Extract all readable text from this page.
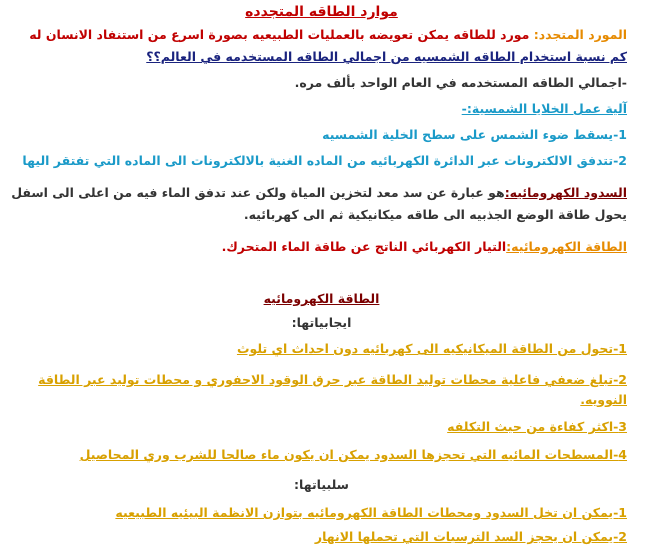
موارد الطاقه المتجدده
المورد المتجدد: مورد للطاقه يمكن تعويضه بالعمليات الطبيعيه بصورة اسرع من استنفاد الانسان له
كم نسبة استخدام الطاقه الشمسيه من اجمالي الطاقه المستخدمه في العالم؟؟
-اجمالي الطاقه المستخدمه في العام الواحد بألف مره.
آلية عمل الخلايا الشمسية:-
1-يسقط ضوء الشمس على سطح الخلية الشمسيه
2-تتدفق الالكترونات عبر الدائرة الكهربائيه من الماده الغنية بالالكترونات الى الماده التي تفتقر اليها
السدود الكهرومائيه:هو عبارة عن سد معد لتخزين المياة ولكن عند تدفق الماء فيه من اعلى الى اسفل
يحول طاقة الوضع الجذبيه الى طاقه ميكانيكية ثم الى كهربائيه.
الطاقة الكهرومائيه:التيار الكهربائي الناتج عن طاقة الماء المتحرك.
الطاقة الكهرومائيه
ايجابياتها:
1-تحول من الطاقة الميكانيكيه الى كهربائيه دون احداث اي تلوث
2-تبلغ ضعفي فاعلية محطات توليد الطاقة عبر حرق الوقود الاحفوري و محطات توليد عبر الطاقة النوويه.
3-اكثر كفاءة من حيث التكلفه
4-المسطحات المائيه التي تحجزها السدود يمكن ان يكون ماء صالحا للشرب وري المحاصيل
سلبياتها:
1-يمكن ان تخل السدود ومحطات الطاقة الكهرومائيه بتوازن الانظمة البيئيه الطبيعيه
2-يمكن ان يحجز السد الترسبات التي تحملها الانهار
